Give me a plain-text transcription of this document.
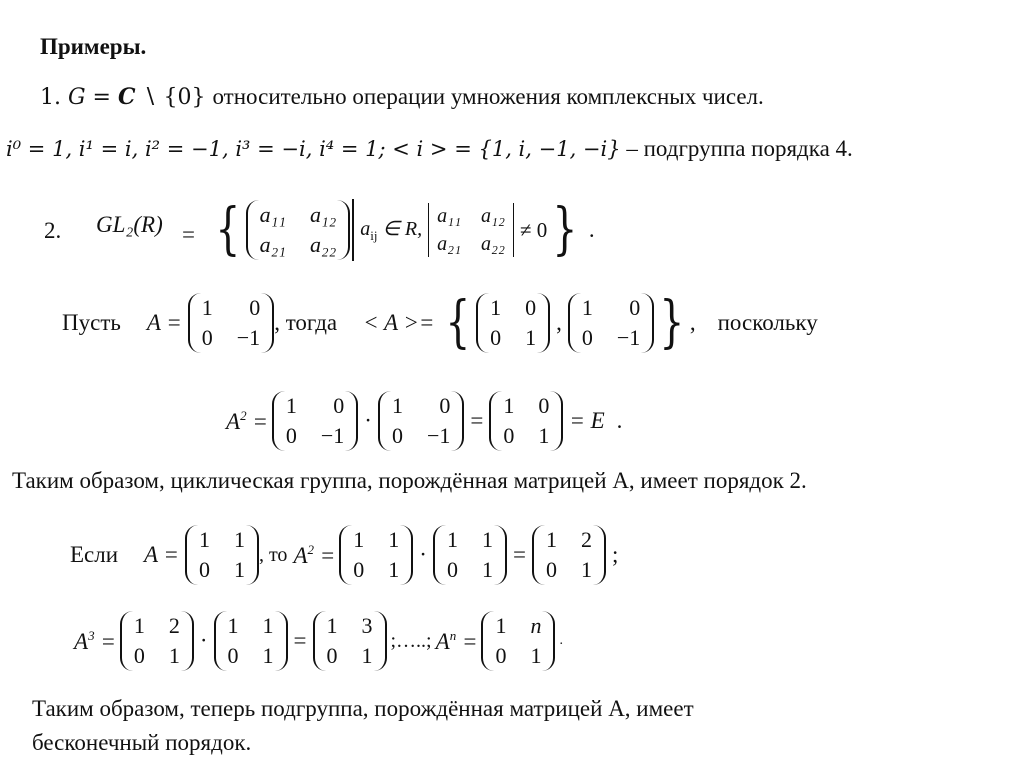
Примеры.
1. G = C ∖ {0} относительно операции умножения комплексных чисел.
i⁰ = 1, i¹ = i, i² = −1, i³ = −i, i⁴ = 1; < i > = {1, i, −1, −i} – подгруппа порядка 4.
2. GL₂(R) = { a₁₁ a₁₂
a₂₁ a₂₂
$a_{ij}$ ∈ R,
a₁₁ a₁₂
a₂₁ a₂₂
≠ 0 } .
Пусть	A =
1	0
0 −1
, тогда	< A >= { 1 0
0 1
,
1	0
0 −1 } , поскольку
$A^2$ =
1	0
0 −1
·
1	0
0 −1
=
1 0
0 1
= E .
Таким образом, циклическая группа, порождённая матрицей A, имеет порядок 2.
Если	A =
1 1
0 1
, то $A^2$ =
1 1
0 1
·
1 1
0 1
=
1 2
0 1
;
$A^3$ =
1 2
0 1
·
1 1
0 1
=
1 3
0 1
;…..; $A^n$ =
1 n
0 1
.
Таким образом, теперь подгруппа, порождённая матрицей A, имеет
бесконечный порядок.
